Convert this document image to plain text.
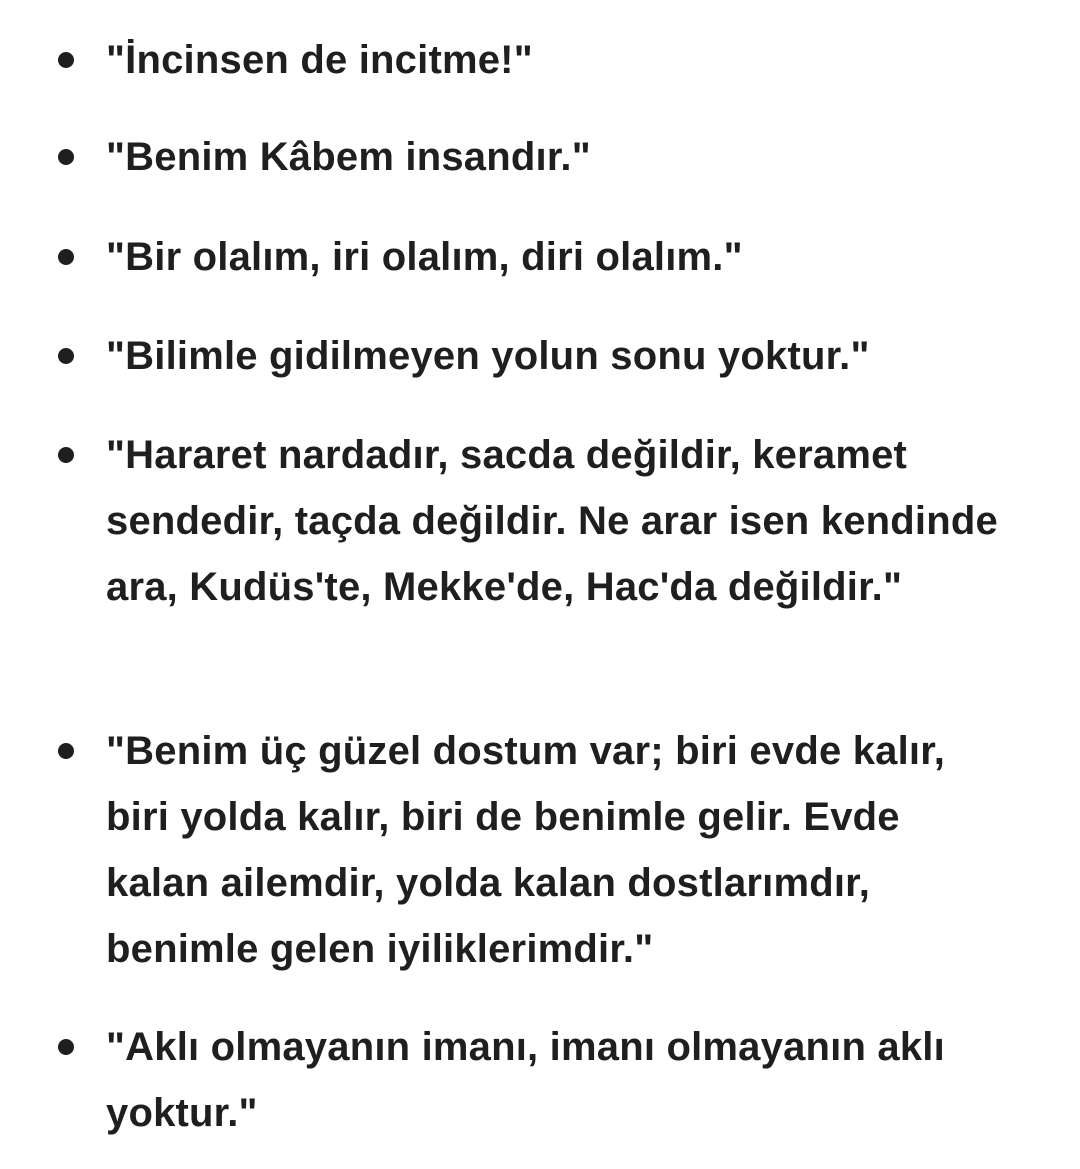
"İncinsen de incitme!"
"Benim Kâbem insandır."
"Bir olalım, iri olalım, diri olalım."
"Bilimle gidilmeyen yolun sonu yoktur."
"Hararet nardadır, sacda değildir, keramet sendedir, taçda değildir. Ne arar isen kendinde ara, Kudüs'te, Mekke'de, Hac'da değildir."
"Benim üç güzel dostum var; biri evde kalır, biri yolda kalır, biri de benimle gelir. Evde kalan ailemdir, yolda kalan dostlarımdır, benimle gelen iyiliklerimdir."
"Aklı olmayanın imanı, imanı olmayanın aklı yoktur."
